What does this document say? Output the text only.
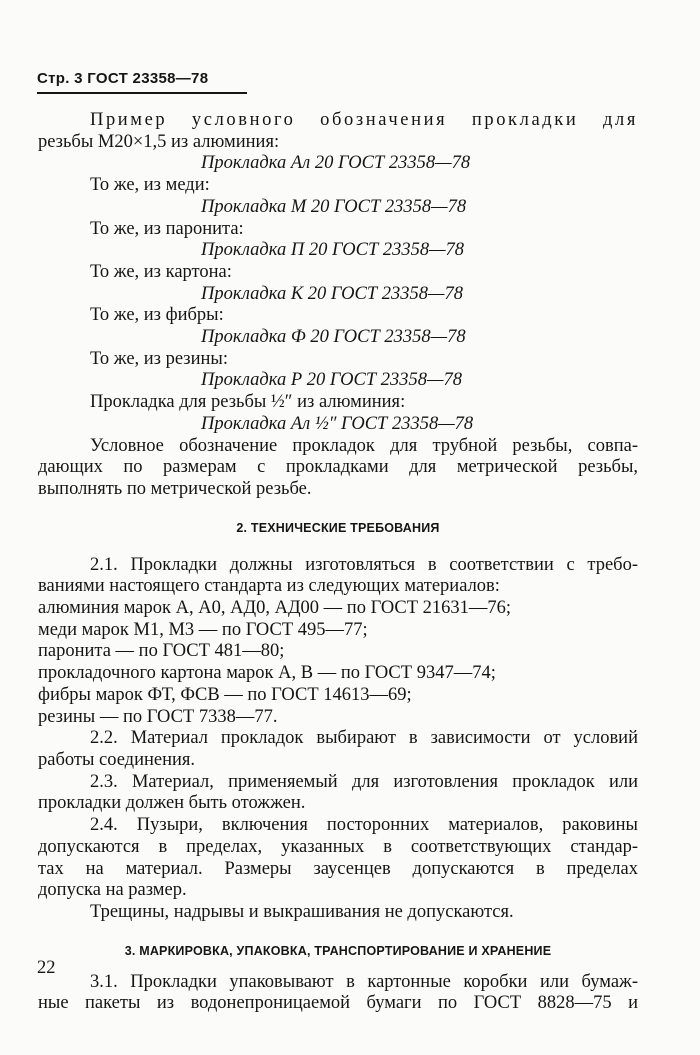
Стр. 3 ГОСТ 23358—78
Пример условного обозначения прокладки для
резьбы М20×1,5 из алюминия:
Прокладка Ал 20 ГОСТ 23358—78
То же, из меди:
Прокладка М 20 ГОСТ 23358—78
То же, из паронита:
Прокладка П 20 ГОСТ 23358—78
То же, из картона:
Прокладка К 20 ГОСТ 23358—78
То же, из фибры:
Прокладка Ф 20 ГОСТ 23358—78
То же, из резины:
Прокладка Р 20 ГОСТ 23358—78
Прокладка для резьбы ½″ из алюминия:
Прокладка Ал ½″ ГОСТ 23358—78
Условное обозначение прокладок для трубной резьбы, совпа-
дающих по размерам с прокладками для метрической резьбы,
выполнять по метрической резьбе.
2. ТЕХНИЧЕСКИЕ ТРЕБОВАНИЯ
2.1. Прокладки должны изготовляться в соответствии с требо-
ваниями настоящего стандарта из следующих материалов:
алюминия марок А, А0, АД0, АД00 — по ГОСТ 21631—76;
меди марок М1, М3 — по ГОСТ 495—77;
паронита — по ГОСТ 481—80;
прокладочного картона марок А, В — по ГОСТ 9347—74;
фибры марок ФТ, ФСВ — по ГОСТ 14613—69;
резины — по ГОСТ 7338—77.
2.2. Материал прокладок выбирают в зависимости от условий
работы соединения.
2.3. Материал, применяемый для изготовления прокладок или
прокладки должен быть отожжен.
2.4. Пузыри, включения посторонних материалов, раковины
допускаются в пределах, указанных в соответствующих стандар-
тах на материал. Размеры заусенцев допускаются в пределах
допуска на размер.
Трещины, надрывы и выкрашивания не допускаются.
3. МАРКИРОВКА, УПАКОВКА, ТРАНСПОРТИРОВАНИЕ И ХРАНЕНИЕ
3.1. Прокладки упаковывают в картонные коробки или бумаж-
ные пакеты из водонепроницаемой бумаги по ГОСТ 8828—75 и
22
